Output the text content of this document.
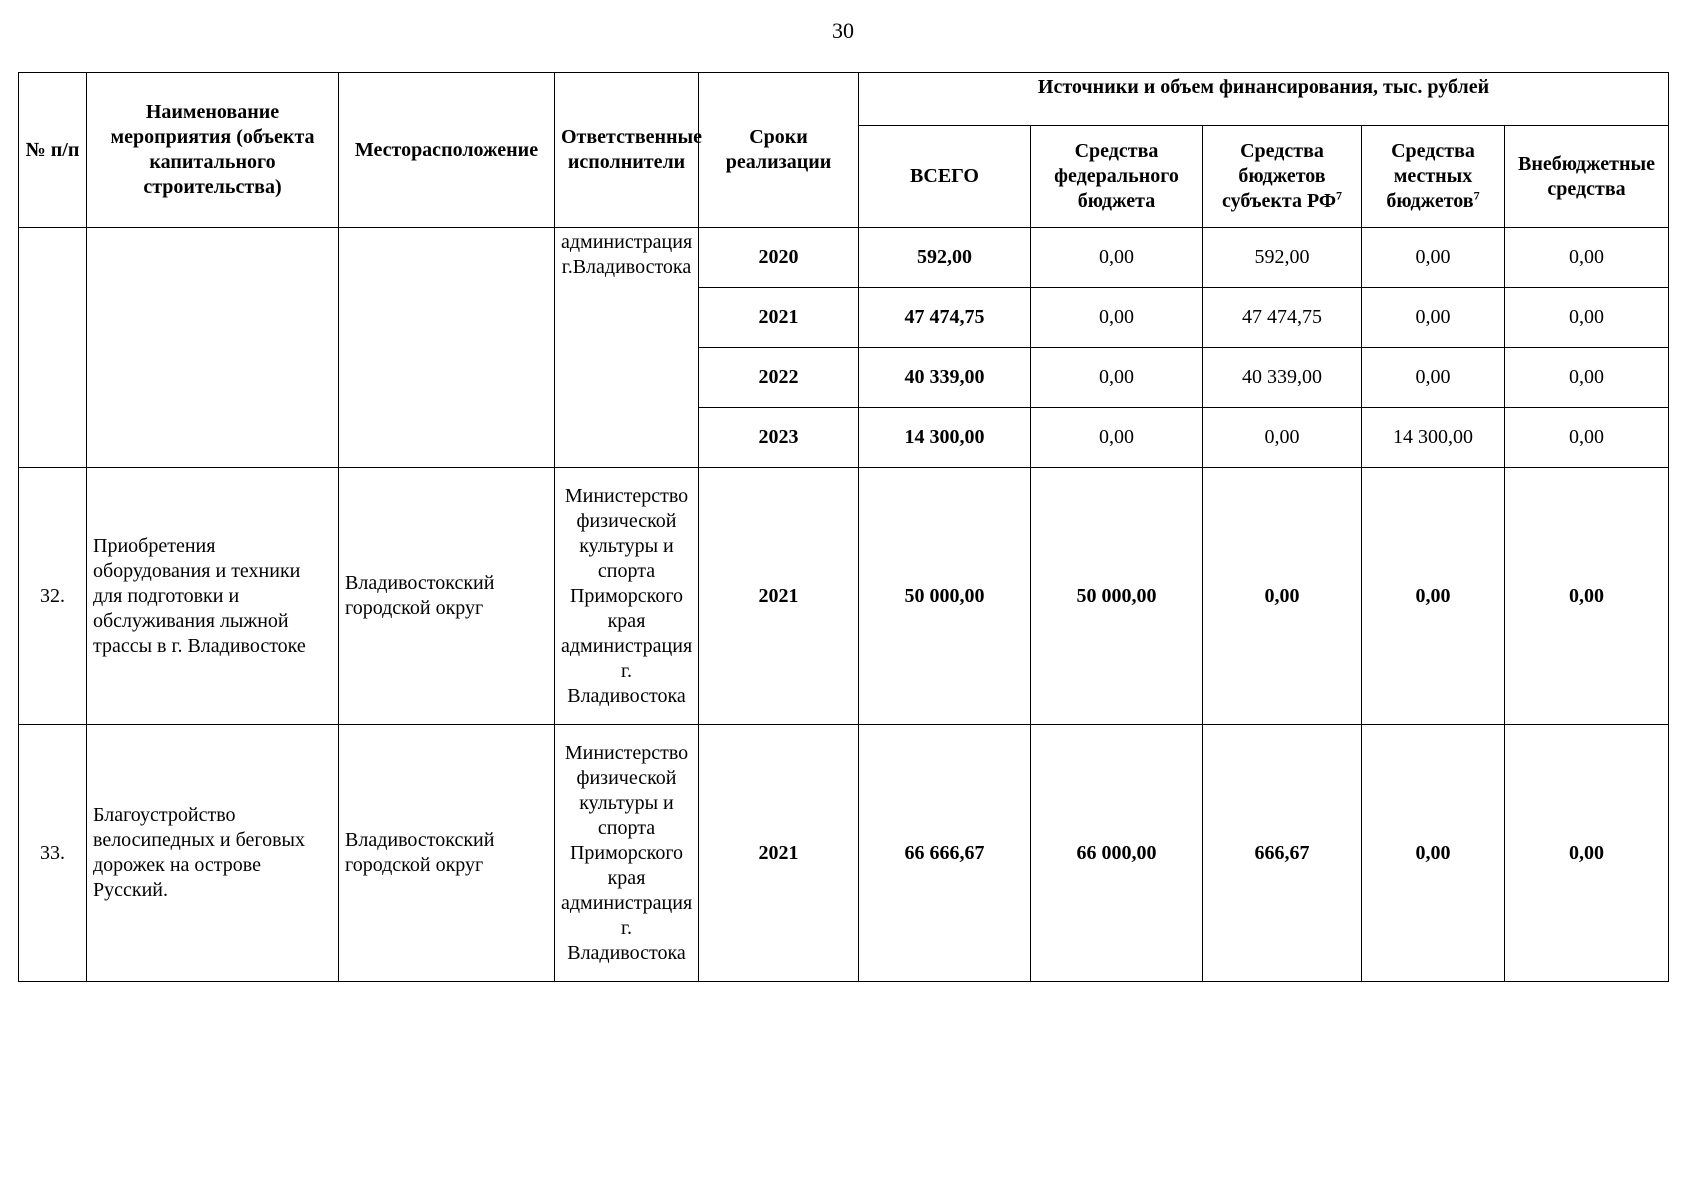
30
№ п/п	Наименование мероприятия (объекта капитального строительства)	Месторасположение	Ответственные исполнители	Сроки реализации	Источники и объем финансирования, тыс. рублей				
					ВСЕГО	Средства федерального бюджета	Средства бюджетов субъекта $РФ^7$	Средства местных бюджетов$^7$	Внебюджетные средства
			администрация г.Владивостока	2020	592,00	0,00	592,00	0,00	0,00
				2021	47 474,75	0,00	47 474,75	0,00	0,00
				2022	40 339,00	0,00	40 339,00	0,00	0,00
				2023	14 300,00	0,00	0,00	14 300,00	0,00
32.	Приобретения оборудования и техники для подготовки и обслуживания лыжной трассы в г. Владивостоке	Владивостокский городской округ	Министерство физической культуры и спорта Приморского края администрация г. Владивостока	2021	50 000,00	50 000,00	0,00	0,00	0,00
33.	Благоустройство велосипедных и беговых дорожек на острове Русский.	Владивостокский городской округ	Министерство физической культуры и спорта Приморского края администрация г. Владивостока	2021	66 666,67	66 000,00	666,67	0,00	0,00
